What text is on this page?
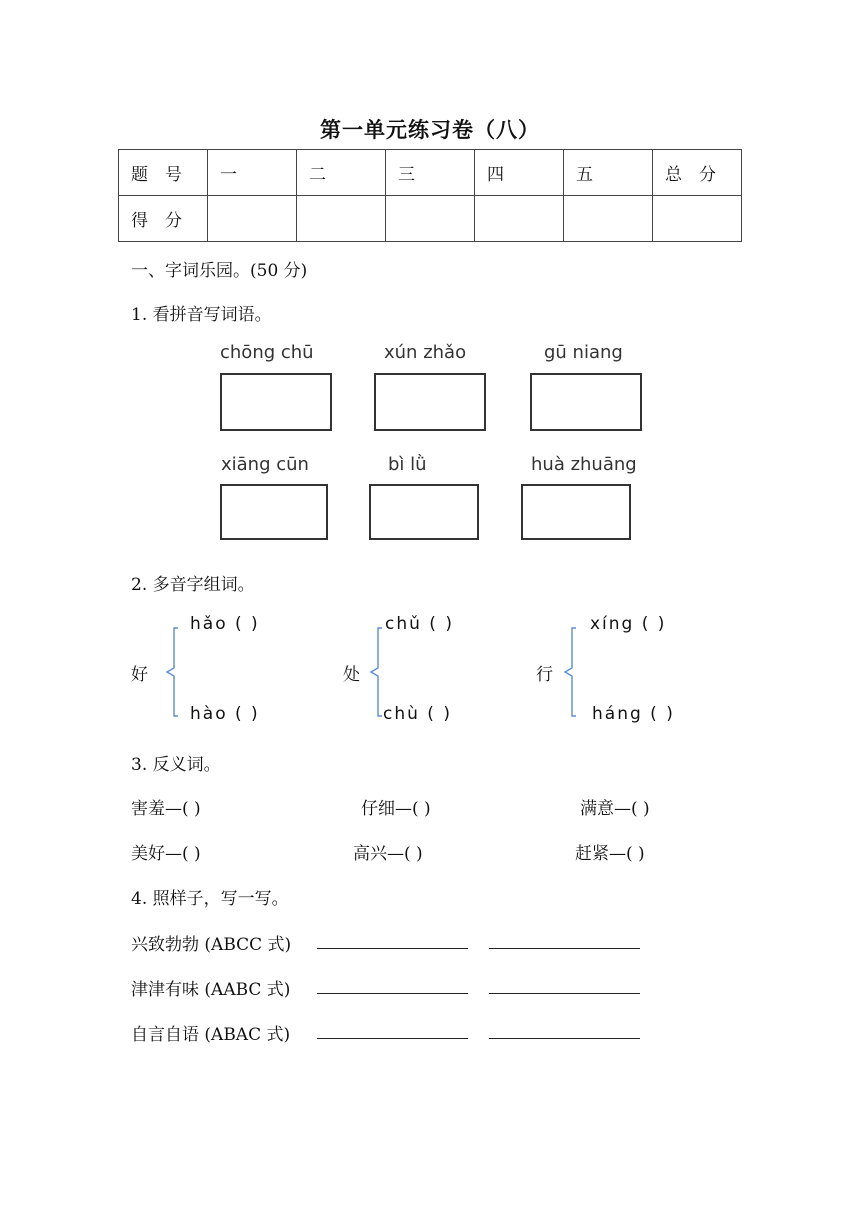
第一单元练习卷（八）
题　号	一	二	三	四	五	总　分
得　分						
一、字词乐园。(50 分)
1. 看拼音写词语。
chōng chū	xún zhǎo	gū niang
xiāng cūn	bì lǜ	huà zhuāng
2. 多音字组词。
好
hǎo ( )
hào ( )
处
chǔ ( )
chù ( )
行
xíng ( )
háng ( )
3. 反义词。
害羞—( )	仔细—( )	满意—( )
美好—( )	高兴—( )	赶紧—( )
4. 照样子，写一写。
兴致勃勃 (ABCC 式)
津津有味 (AABC 式)
自言自语 (ABAC 式)
